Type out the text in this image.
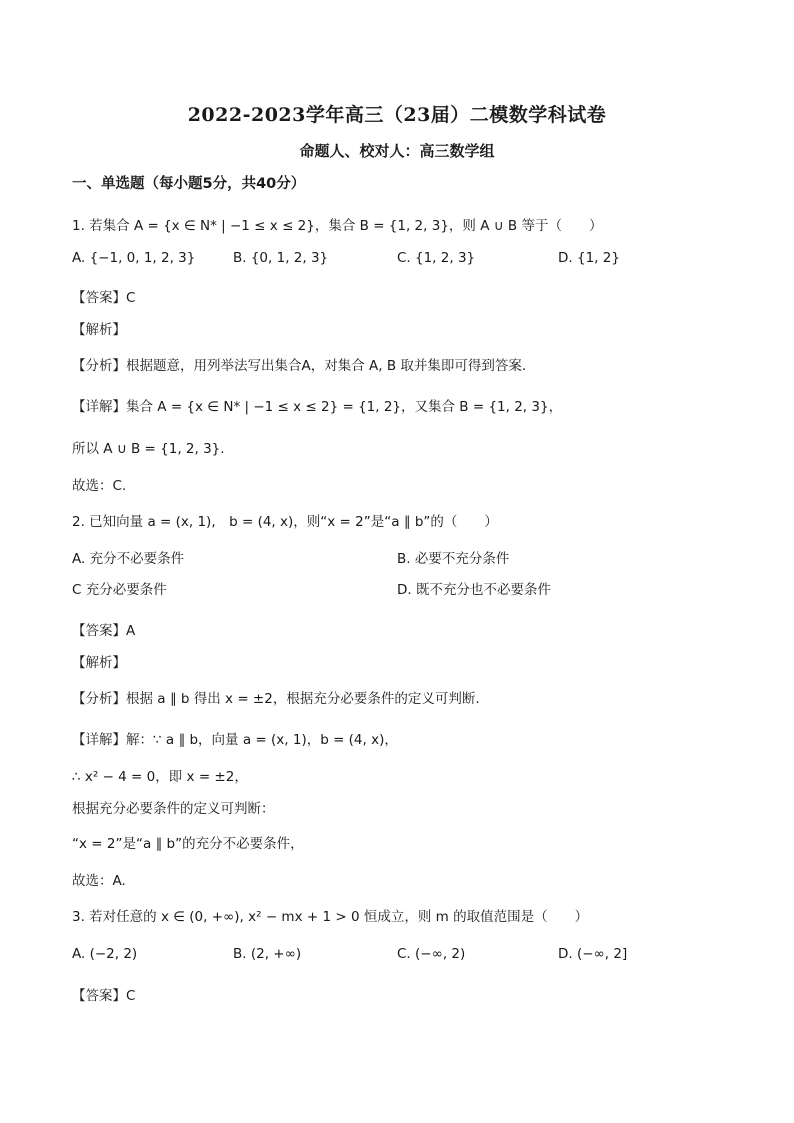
2022-2023学年高三（23届）二模数学科试卷
命题人、校对人：高三数学组
一、单选题（每小题5分，共40分）
1. 若集合 A = {x ∈ N* | −1 ≤ x ≤ 2}，集合 B = {1, 2, 3}，则 A ∪ B 等于（　　）
A. {−1, 0, 1, 2, 3}	B. {0, 1, 2, 3}	C. {1, 2, 3}	D. {1, 2}
【答案】C
【解析】
【分析】根据题意，用列举法写出集合A，对集合 A, B 取并集即可得到答案.
【详解】集合 A = {x ∈ N* | −1 ≤ x ≤ 2} = {1, 2}，又集合 B = {1, 2, 3}，
所以 A ∪ B = {1, 2, 3}.
故选：C.
2. 已知向量 a = (x, 1),　b = (4, x)，则“x = 2”是“a ∥ b”的（　　）
A. 充分不必要条件	B. 必要不充分条件
C 充分必要条件	D. 既不充分也不必要条件
【答案】A
【解析】
【分析】根据 a ∥ b 得出 x = ±2，根据充分必要条件的定义可判断.
【详解】解：∵ a ∥ b，向量 a = (x, 1)，b = (4, x)，
∴ x² − 4 = 0，即 x = ±2，
根据充分必要条件的定义可判断：
“x = 2”是“a ∥ b”的充分不必要条件，
故选：A.
3. 若对任意的 x ∈ (0, +∞), x² − mx + 1 > 0 恒成立，则 m 的取值范围是（　　）
A. (−2, 2)	B. (2, +∞)	C. (−∞, 2)	D. (−∞, 2]
【答案】C
